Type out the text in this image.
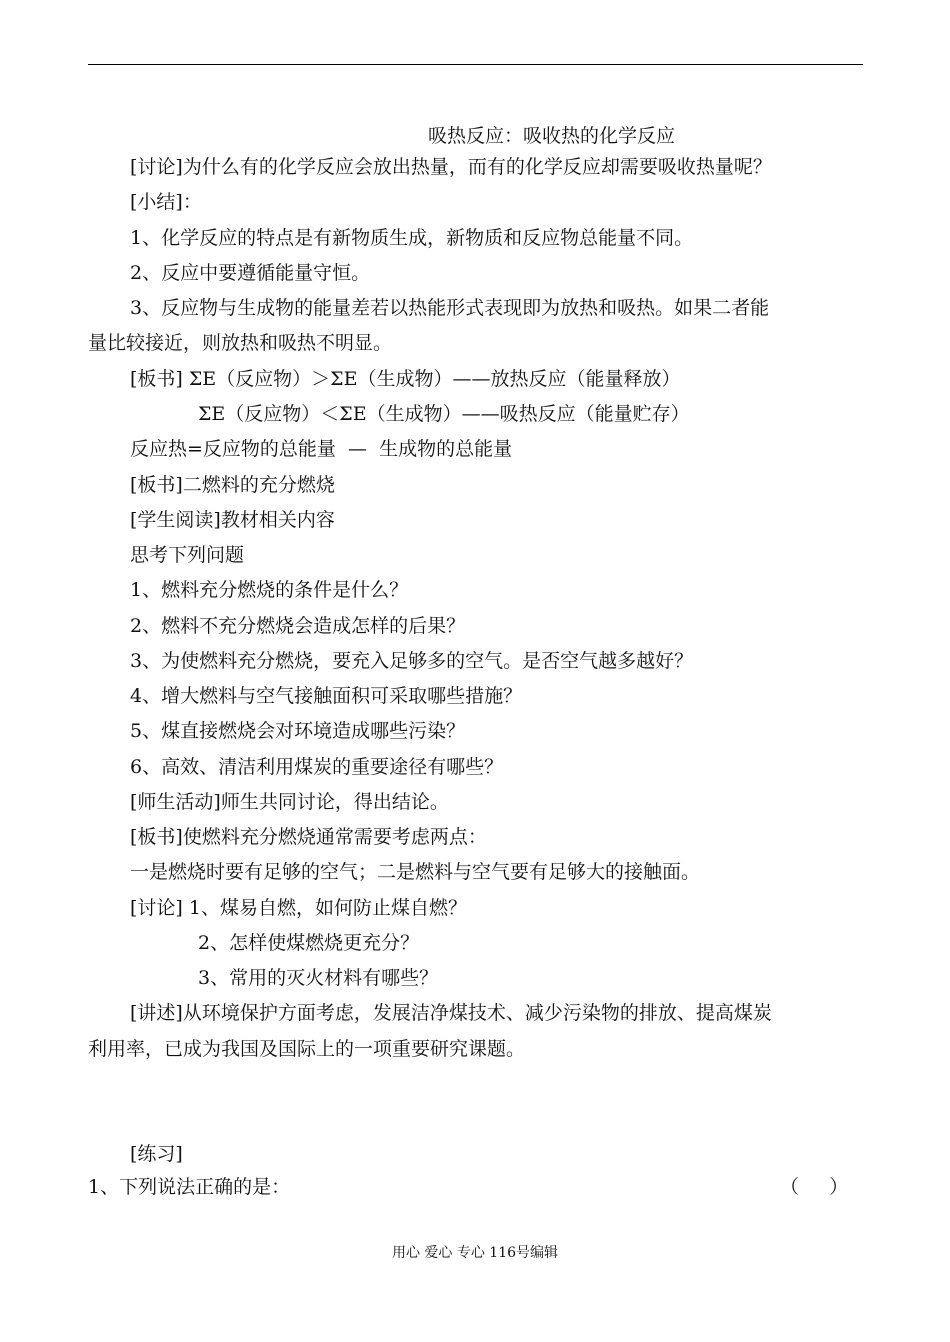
吸热反应：吸收热的化学反应
[讨论]为什么有的化学反应会放出热量，而有的化学反应却需要吸收热量呢？
[小结]：
1、化学反应的特点是有新物质生成，新物质和反应物总能量不同。
2、反应中要遵循能量守恒。
3、反应物与生成物的能量差若以热能形式表现即为放热和吸热。如果二者能
量比较接近，则放热和吸热不明显。
[板书] ΣE（反应物）＞ΣE（生成物）——放热反应（能量释放）
ΣE（反应物）＜ΣE（生成物）——吸热反应（能量贮存）
反应热=反应物的总能量  —  生成物的总能量
[板书]二燃料的充分燃烧
[学生阅读]教材相关内容
思考下列问题
1、燃料充分燃烧的条件是什么？
2、燃料不充分燃烧会造成怎样的后果？
3、为使燃料充分燃烧，要充入足够多的空气。是否空气越多越好？
4、增大燃料与空气接触面积可采取哪些措施？
5、煤直接燃烧会对环境造成哪些污染？
6、高效、清洁利用煤炭的重要途径有哪些？
[师生活动]师生共同讨论，得出结论。
[板书]使燃料充分燃烧通常需要考虑两点：
一是燃烧时要有足够的空气；二是燃料与空气要有足够大的接触面。
[讨论] 1、煤易自燃，如何防止煤自燃？
2、怎样使煤燃烧更充分？
3、常用的灭火材料有哪些？
[讲述]从环境保护方面考虑，发展洁净煤技术、减少污染物的排放、提高煤炭
利用率，已成为我国及国际上的一项重要研究课题。
[练习]
1、下列说法正确的是：	（     ）
用心 爱心 专心 116号编辑
